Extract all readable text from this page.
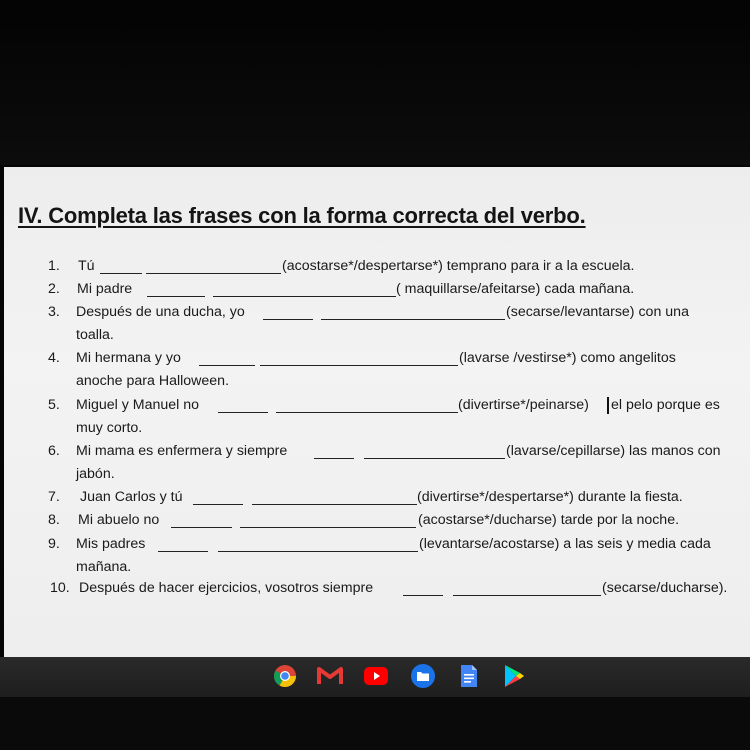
IV. Completa las frases con la forma correcta del verbo.
1. Tú	(acostarse*/despertarse*) temprano para ir a la escuela.
2. Mi padre	( maquillarse/afeitarse) cada mañana.
3. Después de una ducha, yo	(secarse/levantarse) con una
toalla.
4. Mi hermana y yo	(lavarse /vestirse*) como angelitos
anoche para Halloween.
5. Miguel y Manuel no	(divertirse*/peinarse) el pelo porque es
muy corto.
6. Mi mama es enfermera y siempre	(lavarse/cepillarse) las manos con
jabón.
7. Juan Carlos y tú	(divertirse*/despertarse*) durante la fiesta.
8. Mi abuelo no	(acostarse*/ducharse) tarde por la noche.
9. Mis padres	(levantarse/acostarse) a las seis y media cada
mañana.
10. Después de hacer ejercicios, vosotros siempre	(secarse/ducharse).
